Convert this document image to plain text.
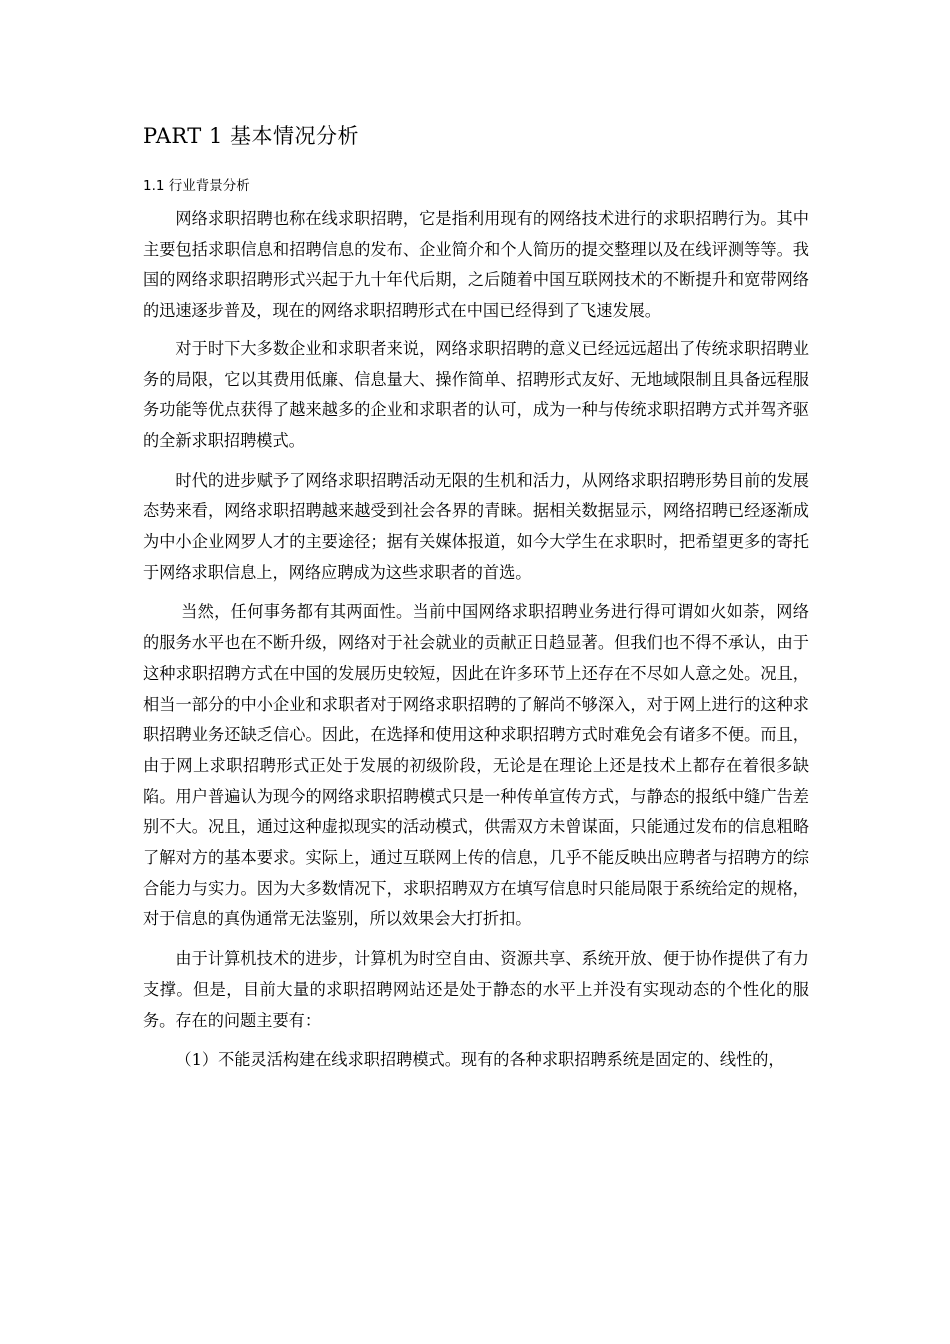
PART 1 基本情况分析
1.1 行业背景分析

网络求职招聘也称在线求职招聘，它是指利用现有的网络技术进行的求职招聘行为。其中主要包括求职信息和招聘信息的发布、企业简介和个人简历的提交整理以及在线评测等等。我国的网络求职招聘形式兴起于九十年代后期，之后随着中国互联网技术的不断提升和宽带网络的迅速逐步普及，现在的网络求职招聘形式在中国已经得到了飞速发展。

对于时下大多数企业和求职者来说，网络求职招聘的意义已经远远超出了传统求职招聘业务的局限，它以其费用低廉、信息量大、操作简单、招聘形式友好、无地域限制且具备远程服务功能等优点获得了越来越多的企业和求职者的认可，成为一种与传统求职招聘方式并驾齐驱的全新求职招聘模式。

时代的进步赋予了网络求职招聘活动无限的生机和活力，从网络求职招聘形势目前的发展态势来看，网络求职招聘越来越受到社会各界的青睐。据相关数据显示，网络招聘已经逐渐成为中小企业网罗人才的主要途径；据有关媒体报道，如今大学生在求职时，把希望更多的寄托于网络求职信息上，网络应聘成为这些求职者的首选。

当然，任何事务都有其两面性。当前中国网络求职招聘业务进行得可谓如火如荼，网络的服务水平也在不断升级，网络对于社会就业的贡献正日趋显著。但我们也不得不承认，由于这种求职招聘方式在中国的发展历史较短，因此在许多环节上还存在不尽如人意之处。况且，相当一部分的中小企业和求职者对于网络求职招聘的了解尚不够深入，对于网上进行的这种求职招聘业务还缺乏信心。因此，在选择和使用这种求职招聘方式时难免会有诸多不便。而且，由于网上求职招聘形式正处于发展的初级阶段，无论是在理论上还是技术上都存在着很多缺陷。用户普遍认为现今的网络求职招聘模式只是一种传单宣传方式，与静态的报纸中缝广告差别不大。况且，通过这种虚拟现实的活动模式，供需双方未曾谋面，只能通过发布的信息粗略了解对方的基本要求。实际上，通过互联网上传的信息，几乎不能反映出应聘者与招聘方的综合能力与实力。因为大多数情况下，求职招聘双方在填写信息时只能局限于系统给定的规格，对于信息的真伪通常无法鉴别，所以效果会大打折扣。

由于计算机技术的进步，计算机为时空自由、资源共享、系统开放、便于协作提供了有力支撑。但是，目前大量的求职招聘网站还是处于静态的水平上并没有实现动态的个性化的服务。存在的问题主要有：

（1）不能灵活构建在线求职招聘模式。现有的各种求职招聘系统是固定的、线性的，
